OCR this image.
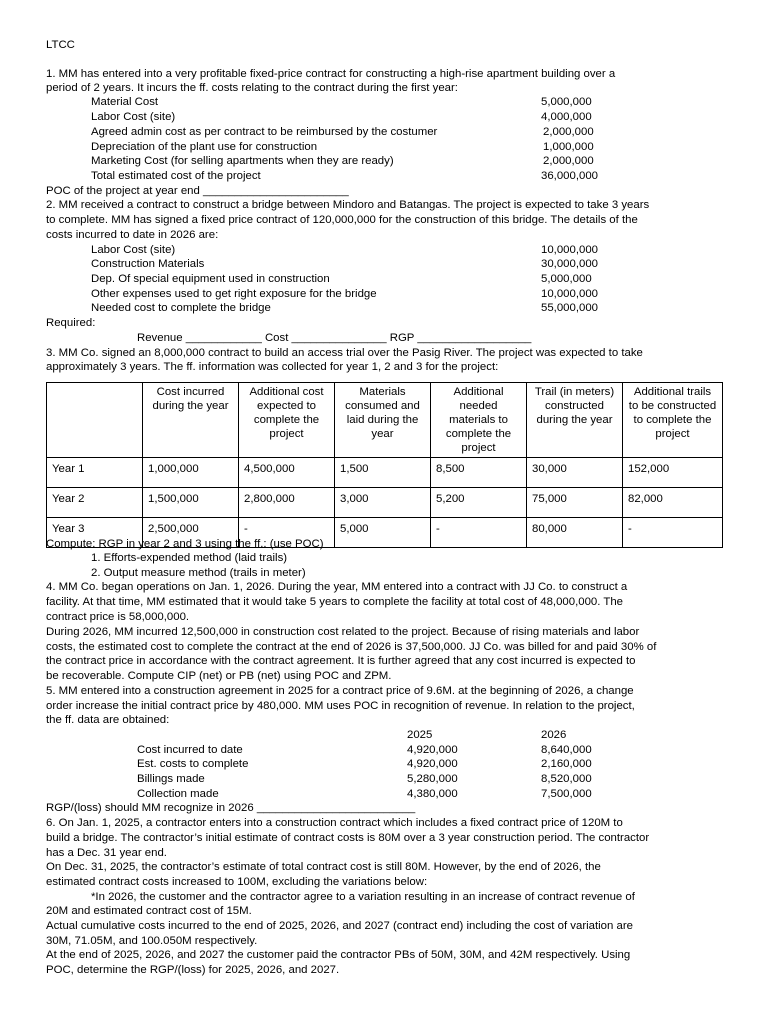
LTCC
1. MM has entered into a very profitable fixed-price contract for constructing a high-rise apartment building over a
period of 2 years. It incurs the ff. costs relating to the contract during the first year:
Material Cost	5,000,000
Labor Cost (site)	4,000,000
Agreed admin cost as per contract to be reimbursed by the costumer	2,000,000
Depreciation of the plant use for construction	1,000,000
Marketing Cost (for selling apartments when they are ready)	2,000,000
Total estimated cost of the project	36,000,000
POC of the project at year end _______________________
2. MM received a contract to construct a bridge between Mindoro and Batangas. The project is expected to take 3 years
to complete. MM has signed a fixed price contract of 120,000,000 for the construction of this bridge. The details of the
costs incurred to date in 2026 are:
Labor Cost (site)	10,000,000
Construction Materials	30,000,000
Dep. Of special equipment used in construction	5,000,000
Other expenses used to get right exposure for the bridge	10,000,000
Needed cost to complete the bridge	55,000,000
Required:
Revenue ____________ Cost _______________ RGP __________________
3. MM Co. signed an 8,000,000 contract to build an access trial over the Pasig River. The project was expected to take
approximately 3 years. The ff. information was collected for year 1, 2 and 3 for the project:
	Cost incurred during the year	Additional cost expected to complete the project	Materials consumed and laid during the year	Additional needed materials to complete the project	Trail (in meters) constructed during the year	Additional trails to be constructed to complete the project
Year 1	1,000,000	4,500,000	1,500	8,500	30,000	152,000
Year 2	1,500,000	2,800,000	3,000	5,200	75,000	82,000
Year 3	2,500,000	-	5,000	-	80,000	-
Compute: RGP in year 2 and 3 using the ff.: (use POC)
1. Efforts-expended method (laid trails)
2. Output measure method (trails in meter)
4. MM Co. began operations on Jan. 1, 2026. During the year, MM entered into a contract with JJ Co. to construct a
facility. At that time, MM estimated that it would take 5 years to complete the facility at total cost of 48,000,000. The
contract price is 58,000,000.
During 2026, MM incurred 12,500,000 in construction cost related to the project. Because of rising materials and labor
costs, the estimated cost to complete the contract at the end of 2026 is 37,500,000. JJ Co. was billed for and paid 30% of
the contract price in accordance with the contract agreement. It is further agreed that any cost incurred is expected to
be recoverable. Compute CIP (net) or PB (net) using POC and ZPM.
5. MM entered into a construction agreement in 2025 for a contract price of 9.6M. at the beginning of 2026, a change
order increase the initial contract price by 480,000. MM uses POC in recognition of revenue. In relation to the project,
the ff. data are obtained:
2025	2026
Cost incurred to date	4,920,000	8,640,000
Est. costs to complete	4,920,000	2,160,000
Billings made	5,280,000	8,520,000
Collection made	4,380,000	7,500,000
RGP/(loss) should MM recognize in 2026 _________________________
6. On Jan. 1, 2025, a contractor enters into a construction contract which includes a fixed contract price of 120M to
build a bridge. The contractor’s initial estimate of contract costs is 80M over a 3 year construction period. The contractor
has a Dec. 31 year end.
On Dec. 31, 2025, the contractor’s estimate of total contract cost is still 80M. However, by the end of 2026, the
estimated contract costs increased to 100M, excluding the variations below:
*In 2026, the customer and the contractor agree to a variation resulting in an increase of contract revenue of
20M and estimated contract cost of 15M.
Actual cumulative costs incurred to the end of 2025, 2026, and 2027 (contract end) including the cost of variation are
30M, 71.05M, and 100.050M respectively.
At the end of 2025, 2026, and 2027 the customer paid the contractor PBs of 50M, 30M, and 42M respectively. Using
POC, determine the RGP/(loss) for 2025, 2026, and 2027.
